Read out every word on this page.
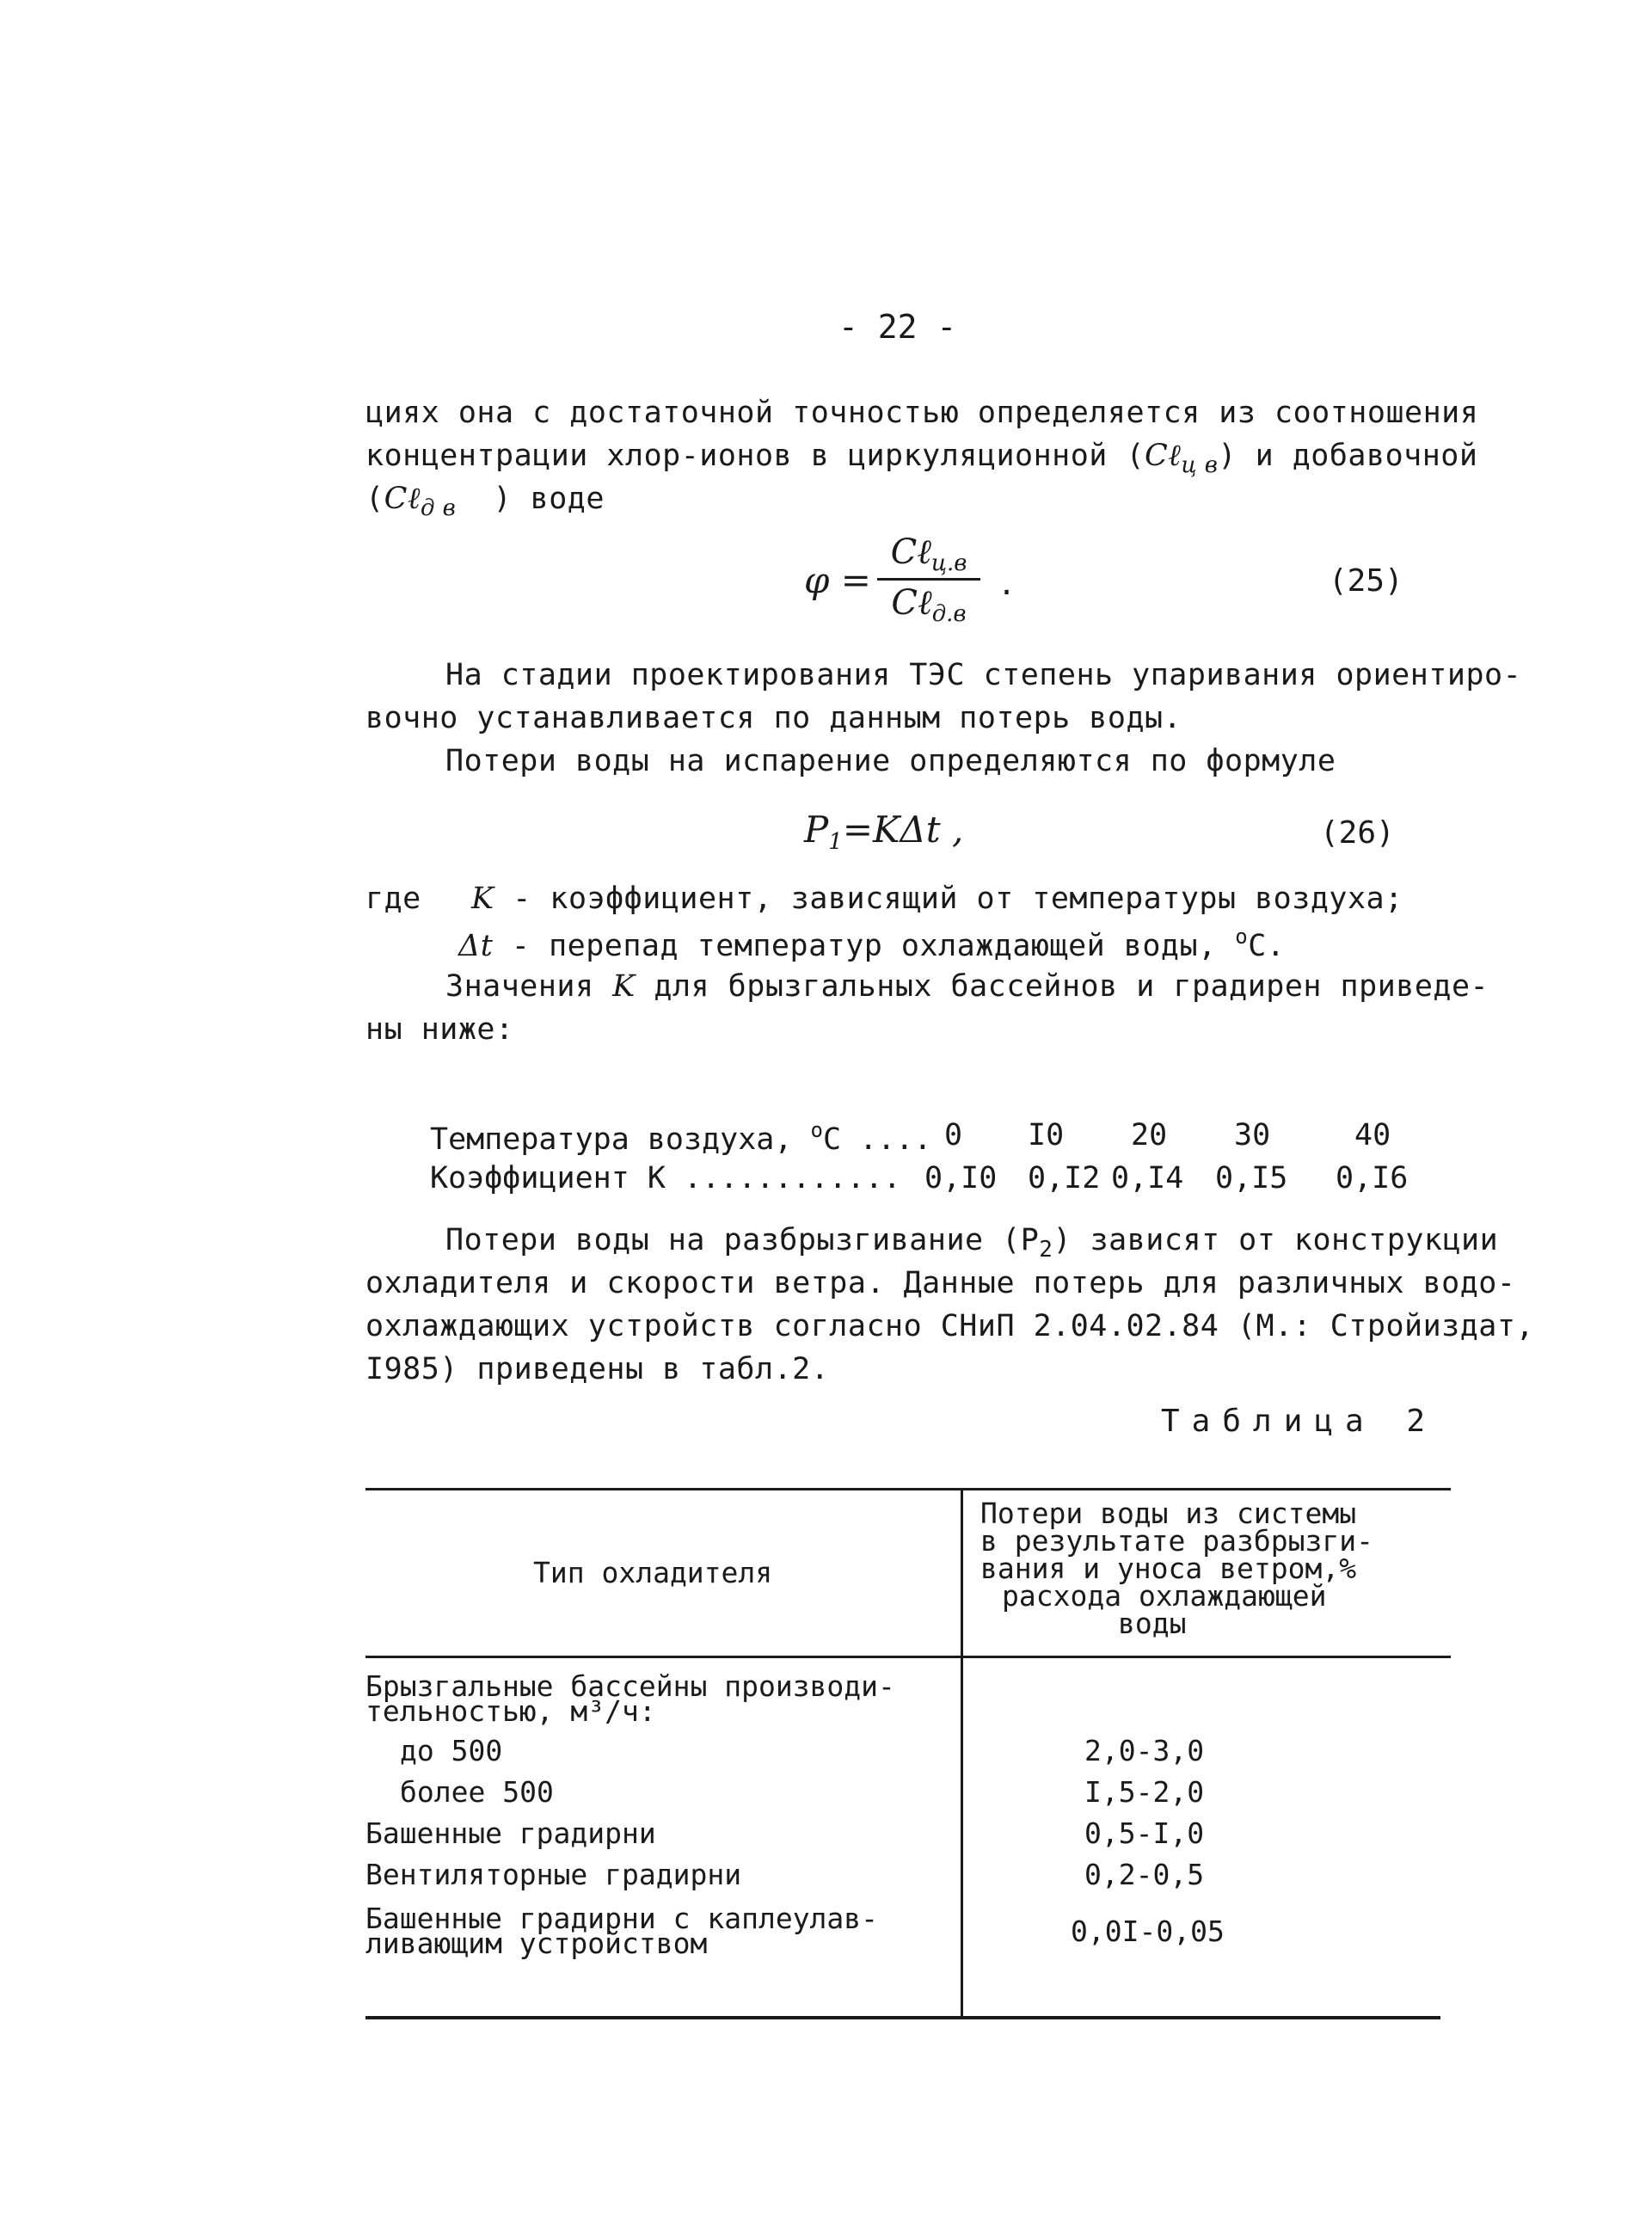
- 22 -
циях она с достаточной точностью определяется из соотношения
концентрации хлор-ионов в циркуляционной (Cℓ$_{ц в}$) и добавочной
(Cℓ$_{д в}$ ) воде
φ =
Cℓц.в
Cℓд.в
.	(25)
На стадии проектирования ТЭС степень упаривания ориентиро-
вочно устанавливается по данным потерь воды.
Потери воды на испарение определяются по формуле
$P_1=K\Delta t$ ,	(26)
где K - коэффициент, зависящий от температуры воздуха;
Δt - перепад температур охлаждающей воды, $^o$C.
Значения K для брызгальных бассейнов и градирен приведе-
ны ниже:
Температура воздуха, $^o$C .... 0 I0 20 30	40
Коэффициент К ............ 0,I0 0,I2 0,I4 0,I5 0,I6
Потери воды на разбрызгивание $(P_2)$ зависят от конструкции
охладителя и скорости ветра. Данные потерь для различных водо-
охлаждающих устройств согласно СНиП 2.04.02.84 (М.: Стройиздат,
I985) приведены в табл.2.
Таблица 2
Тип охладителя
Потери воды из системы
в результате разбрызги-
вания и уноса ветром,%
расхода охлаждающей
воды
Брызгальные бассейны производи-
тельностью, м³/ч:
до 500	2,0-3,0
более 500	I,5-2,0
Башенные градирни	0,5-I,0
Вентиляторные градирни	0,2-0,5
Башенные градирни с каплеулав-
ливающим устройством	0,0I-0,05
